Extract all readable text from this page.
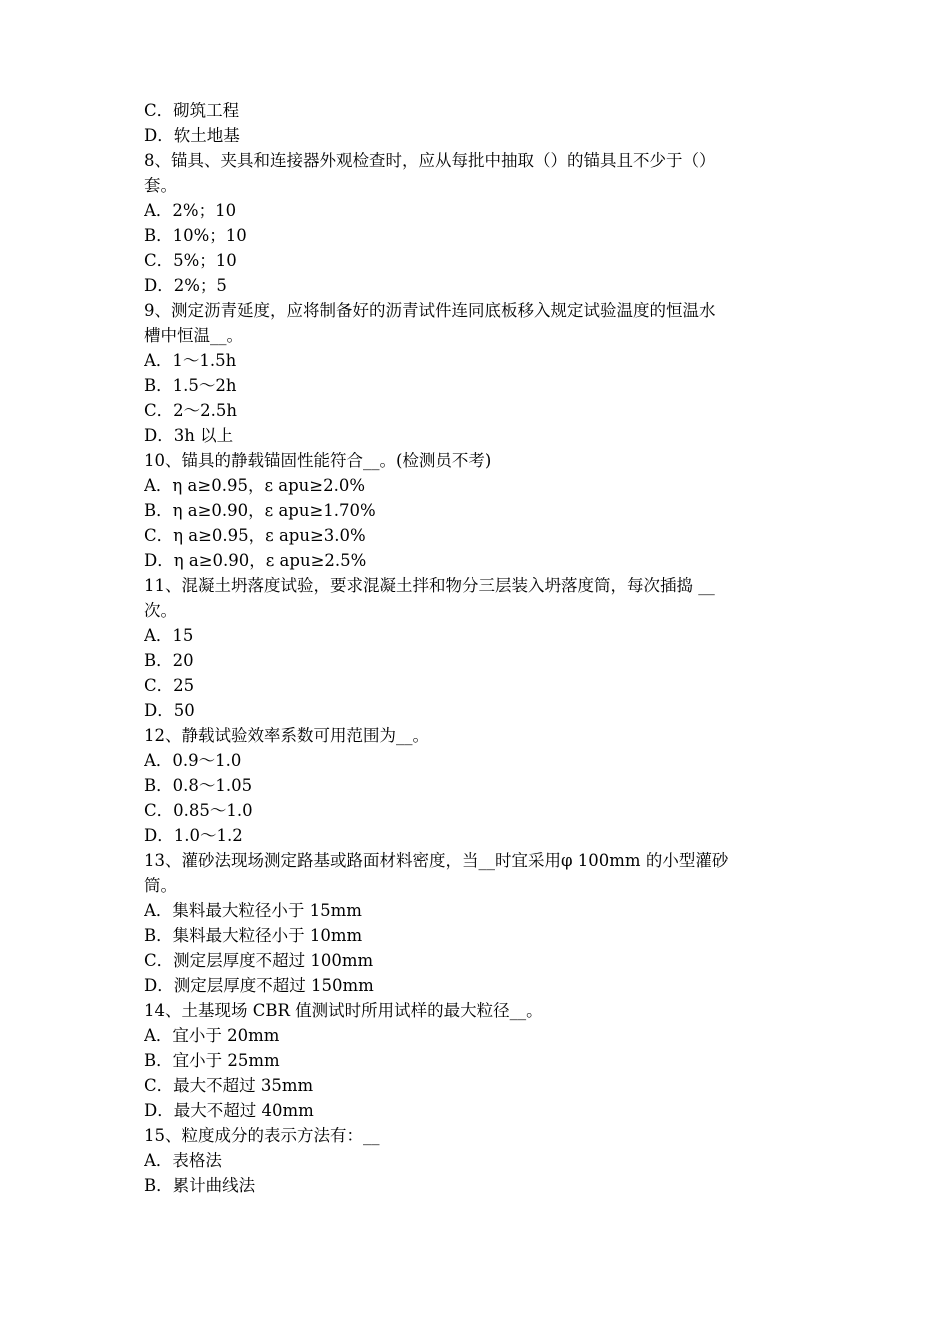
C．砌筑工程
D．软土地基
8、锚具、夹具和连接器外观检查时，应从每批中抽取（）的锚具且不少于（）
套。
A．2%；10
B．10%；10
C．5%；10
D．2%；5
9、测定沥青延度，应将制备好的沥青试件连同底板移入规定试验温度的恒温水
槽中恒温__。
A．1～1.5h
B．1.5～2h
C．2～2.5h
D．3h 以上
10、锚具的静载锚固性能符合__。(检测员不考)
A．η a≥0.95，ε apu≥2.0%
B．η a≥0.90，ε apu≥1.70%
C．η a≥0.95，ε apu≥3.0%
D．η a≥0.90，ε apu≥2.5%
11、混凝土坍落度试验，要求混凝土拌和物分三层装入坍落度筒，每次插捣 __
次。
A．15
B．20
C．25
D．50
12、静载试验效率系数可用范围为__。
A．0.9～1.0
B．0.8～1.05
C．0.85～1.0
D．1.0～1.2
13、灌砂法现场测定路基或路面材料密度，当__时宜采用φ 100mm 的小型灌砂
筒。
A．集料最大粒径小于 15mm
B．集料最大粒径小于 10mm
C．测定层厚度不超过 100mm
D．测定层厚度不超过 150mm
14、土基现场 CBR 值测试时所用试样的最大粒径__。
A．宜小于 20mm
B．宜小于 25mm
C．最大不超过 35mm
D．最大不超过 40mm
15、粒度成分的表示方法有：__
A．表格法
B．累计曲线法
